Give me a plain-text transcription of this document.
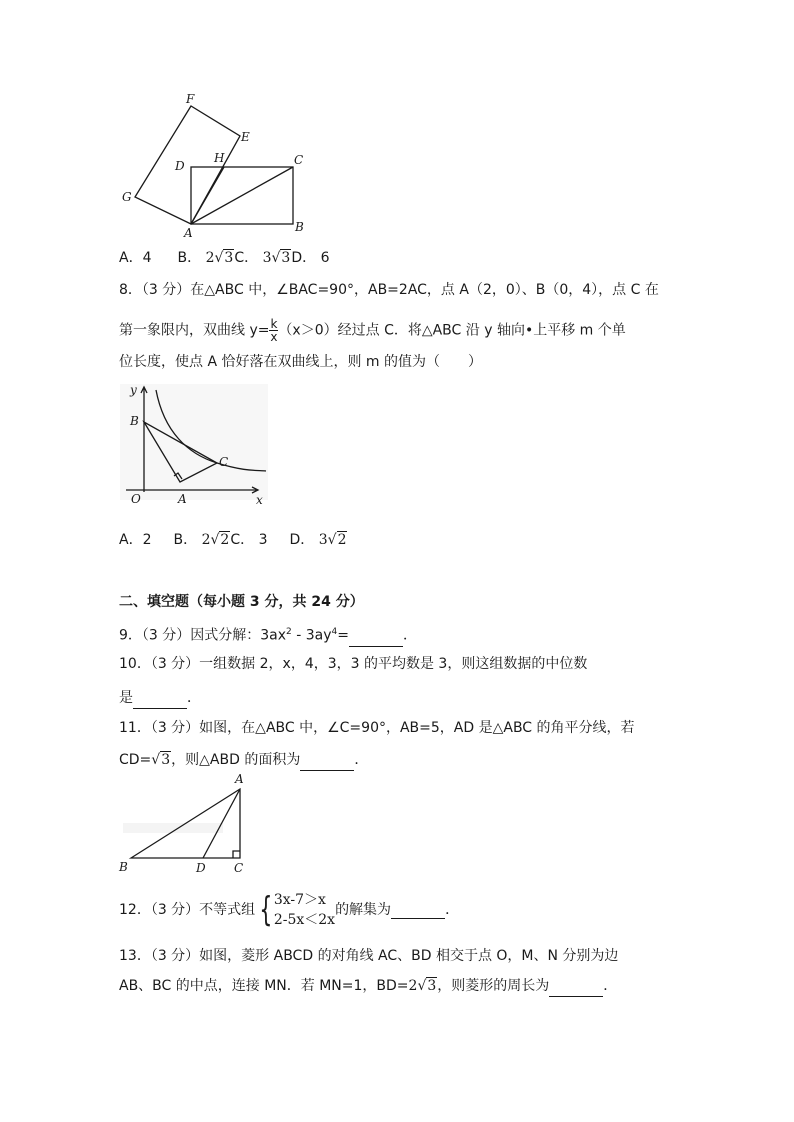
F
E
D
H	C
G
A	B
A．4 B． 2√3C． 3√3D． 6
8．（3 分）在△ABC 中，∠BAC=90°，AB=2AC，点 A（2，0）、B（0，4），点 C 在
第一象限内，双曲线 $y= \frac{k}{x} (x>0)$经过点 C．将△ABC 沿 y 轴向•上平移 m 个单
位长度，使点 A 恰好落在双曲线上，则 m 的值为（　　）
y
B
C
O	A	x
A．2 B． 2√2C． 3 D． 3√2
二、填空题（每小题 3 分，共 24 分）
9．（3 分）因式分解：$3ax^2 - 3ay^4=$	．
10．（3 分）一组数据 2，x，4，3，3 的平均数是 3，则这组数据的中位数
是	．
11．（3 分）如图，在△ABC 中，∠C=90°，AB=5，AD 是△ABC 的角平分线，若
CD=√3，则△ABD 的面积为	．
A
B	D C
12．（3 分）不等式组 { 3x-7＞x
2-5x＜2x
的解集为	．
13．（3 分）如图，菱形 ABCD 的对角线 AC、BD 相交于点 O，M、N 分别为边
AB、BC 的中点，连接 MN．若 MN=1，BD=2√3，则菱形的周长为	．
